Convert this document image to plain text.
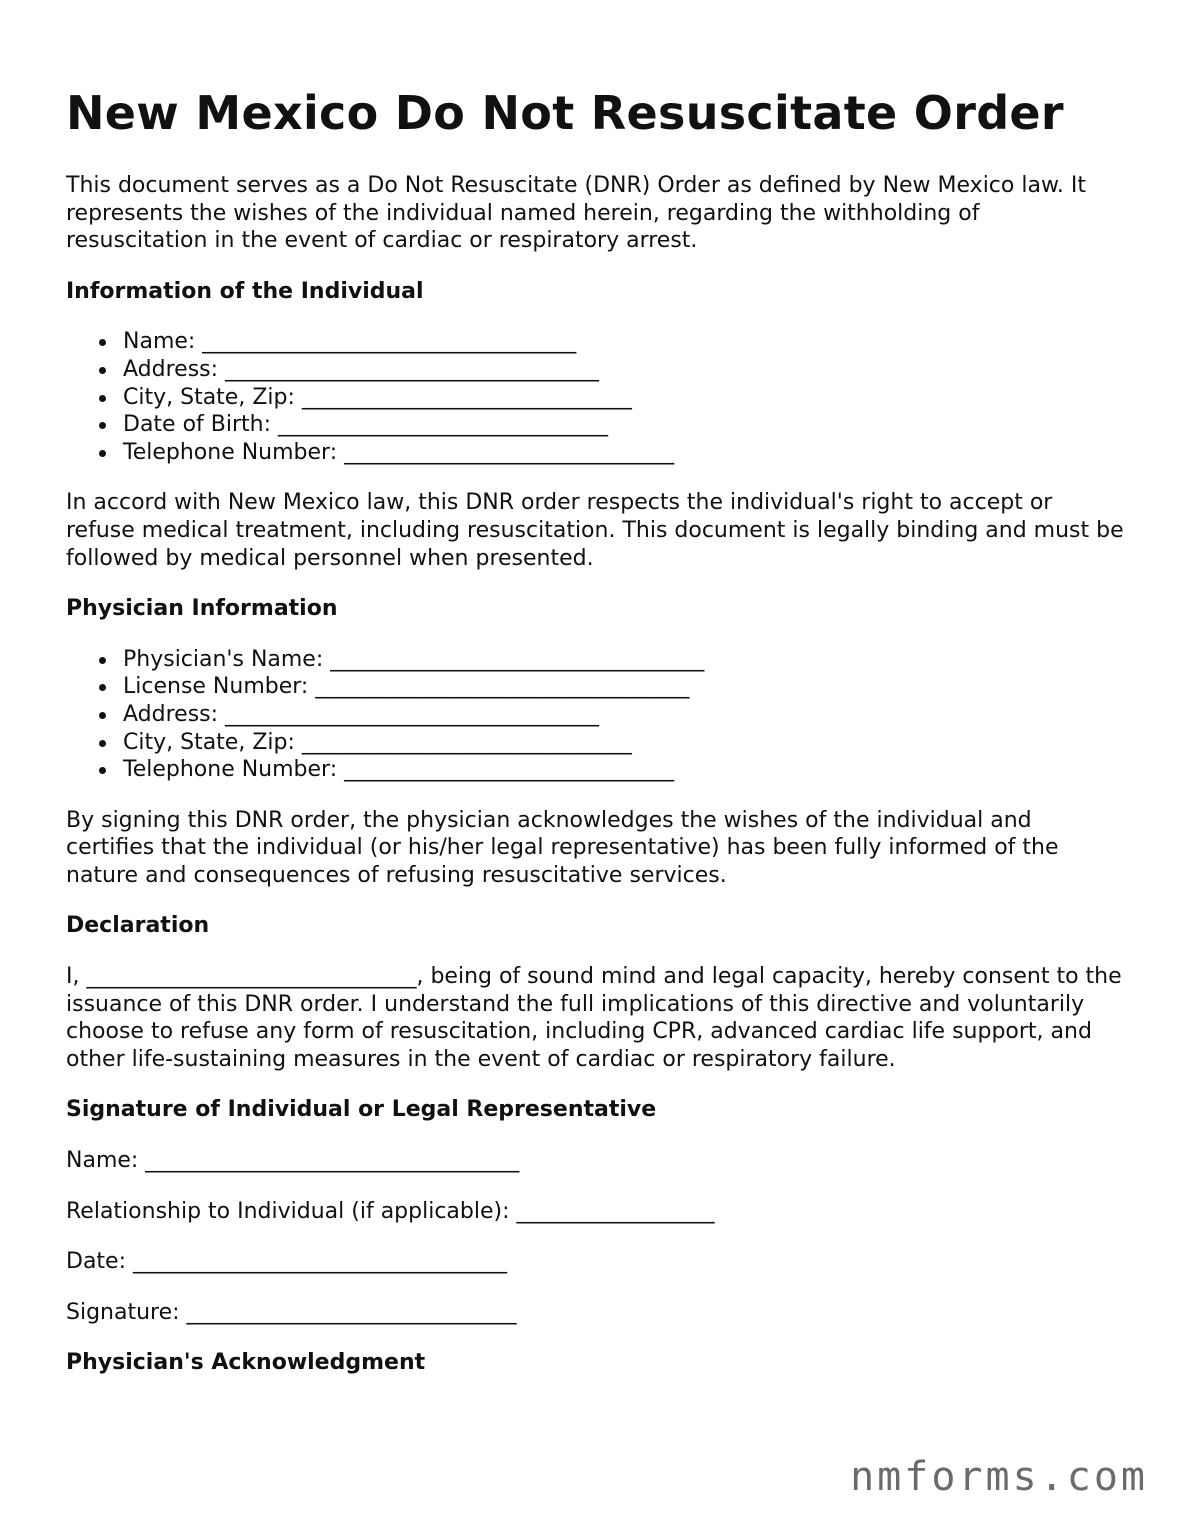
New Mexico Do Not Resuscitate Order

This document serves as a Do Not Resuscitate (DNR) Order as defined by New Mexico law. It represents the wishes of the individual named herein, regarding the withholding of resuscitation in the event of cardiac or respiratory arrest.

Information of the Individual
Name: __________________________________
Address: __________________________________
City, State, Zip: ______________________________
Date of Birth: ______________________________
Telephone Number: ______________________________

In accord with New Mexico law, this DNR order respects the individual's right to accept or refuse medical treatment, including resuscitation. This document is legally binding and must be followed by medical personnel when presented.

Physician Information
Physician's Name: __________________________________
License Number: __________________________________
Address: __________________________________
City, State, Zip: ______________________________
Telephone Number: ______________________________

By signing this DNR order, the physician acknowledges the wishes of the individual and certifies that the individual (or his/her legal representative) has been fully informed of the nature and consequences of refusing resuscitative services.

Declaration

I, ______________________________, being of sound mind and legal capacity, hereby consent to the issuance of this DNR order. I understand the full implications of this directive and voluntarily choose to refuse any form of resuscitation, including CPR, advanced cardiac life support, and other life-sustaining measures in the event of cardiac or respiratory failure.

Signature of Individual or Legal Representative
Name: __________________________________
Relationship to Individual (if applicable): __________________
Date: __________________________________
Signature: ______________________________
Physician's Acknowledgment
nmforms.com
